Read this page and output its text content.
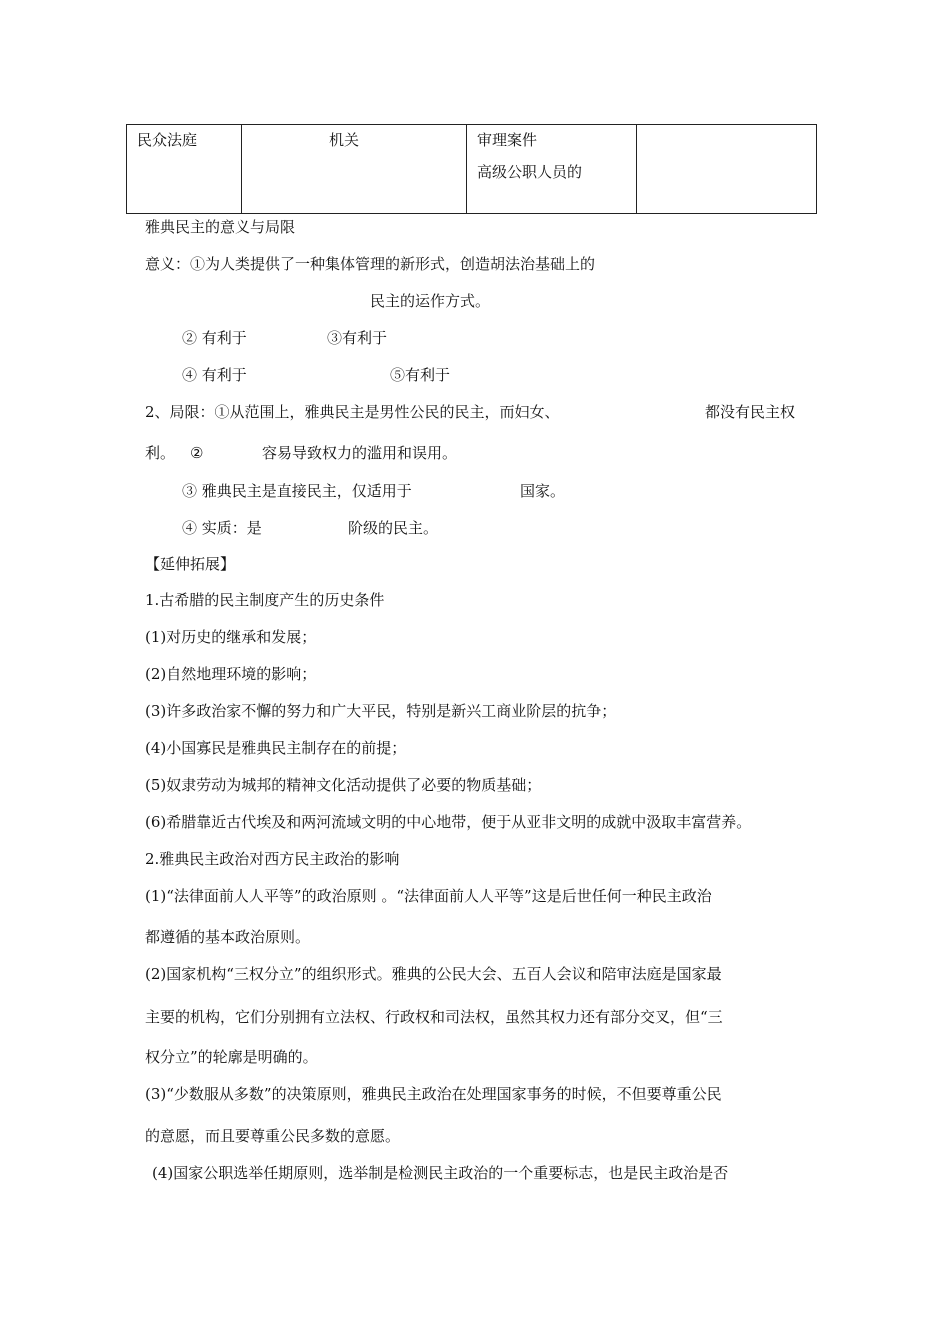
民众法庭	机关	审理案件
高级公职人员的

雅典民主的意义与局限
意义：①为人类提供了一种集体管理的新形式，创造胡法治基础上的
民主的运作方式。
② 有利于	③有利于
④ 有利于	⑤有利于
2、局限：①从范围上，雅典民主是男性公民的民主，而妇女、	都没有民主权
利。 ②	容易导致权力的滥用和误用。
③ 雅典民主是直接民主，仅适用于	国家。
④ 实质：是	阶级的民主。
【延伸拓展】
1.古希腊的民主制度产生的历史条件
(1)对历史的继承和发展；
(2)自然地理环境的影响；
(3)许多政治家不懈的努力和广大平民，特别是新兴工商业阶层的抗争；
(4)小国寡民是雅典民主制存在的前提；
(5)奴隶劳动为城邦的精神文化活动提供了必要的物质基础；
(6)希腊靠近古代埃及和两河流域文明的中心地带，便于从亚非文明的成就中汲取丰富营养。
2.雅典民主政治对西方民主政治的影响
(1)“法律面前人人平等”的政治原则 。“法律面前人人平等”这是后世任何一种民主政治
都遵循的基本政治原则。
(2)国家机构“三权分立”的组织形式。雅典的公民大会、五百人会议和陪审法庭是国家最
主要的机构，它们分别拥有立法权、行政权和司法权，虽然其权力还有部分交叉，但“三
权分立”的轮廓是明确的。
(3)“少数服从多数”的决策原则，雅典民主政治在处理国家事务的时候，不但要尊重公民
的意愿，而且要尊重公民多数的意愿。
(4)国家公职选举任期原则，选举制是检测民主政治的一个重要标志，也是民主政治是否
